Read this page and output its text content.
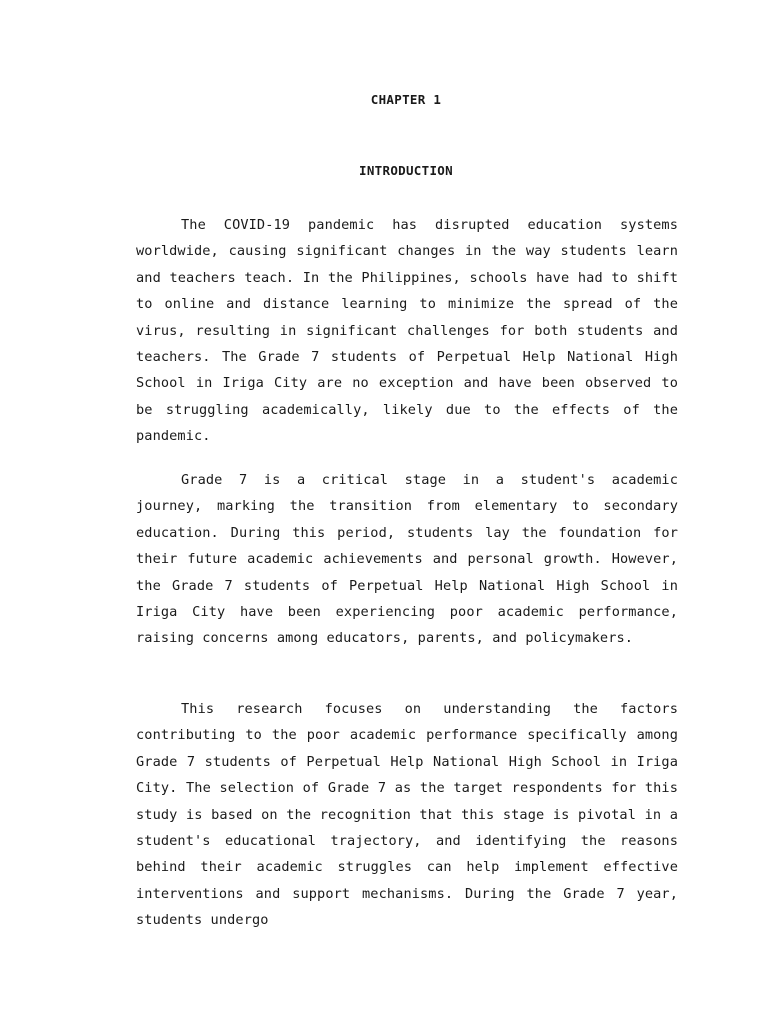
CHAPTER 1
INTRODUCTION

The COVID-19 pandemic has disrupted education systems worldwide, causing significant changes in the way students learn and teachers teach. In the Philippines, schools have had to shift to online and distance learning to minimize the spread of the virus, resulting in significant challenges for both students and teachers. The Grade 7 students of Perpetual Help National High School in Iriga City are no exception and have been observed to be struggling academically, likely due to the effects of the pandemic.

Grade 7 is a critical stage in a student's academic journey, marking the transition from elementary to secondary education. During this period, students lay the foundation for their future academic achievements and personal growth. However, the Grade 7 students of Perpetual Help National High School in Iriga City have been experiencing poor academic performance, raising concerns among educators, parents, and policymakers.

This research focuses on understanding the factors contributing to the poor academic performance specifically among Grade 7 students of Perpetual Help National High School in Iriga City. The selection of Grade 7 as the target respondents for this study is based on the recognition that this stage is pivotal in a student's educational trajectory, and identifying the reasons behind their academic struggles can help implement effective interventions and support mechanisms. During the Grade 7 year, students undergo
